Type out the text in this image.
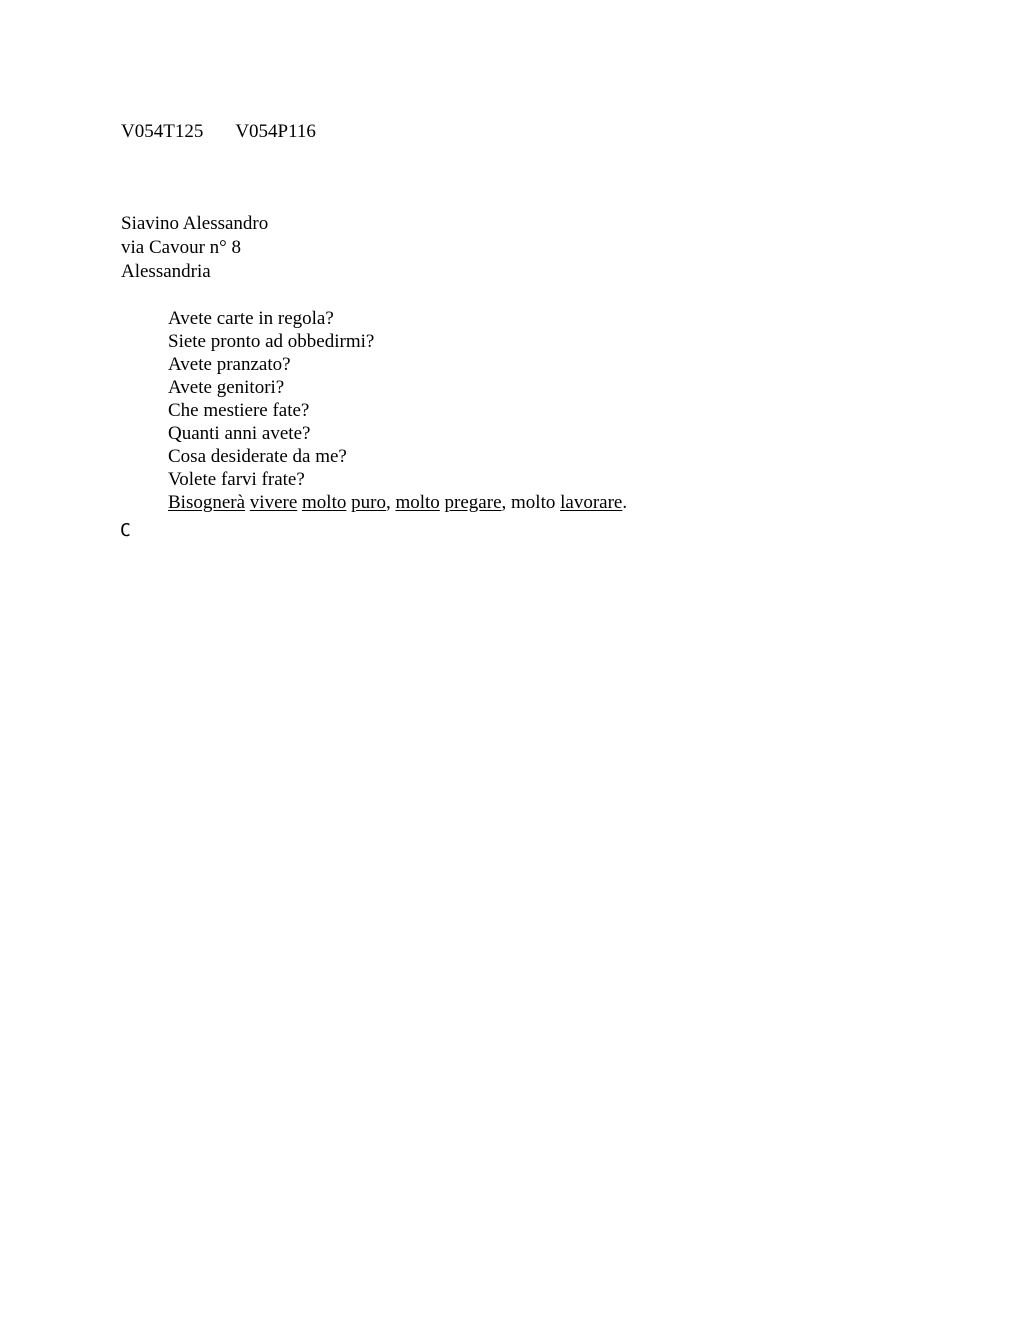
V054T125 V054P116
Siavino Alessandro
via Cavour n° 8
Alessandria
Avete carte in regola?
Siete pronto ad obbedirmi?
Avete pranzato?
Avete genitori?
Che mestiere fate?
Quanti anni avete?
Cosa desiderate da me?
Volete farvi frate?
Bisognerà vivere molto puro, molto pregare, molto lavorare.
C
